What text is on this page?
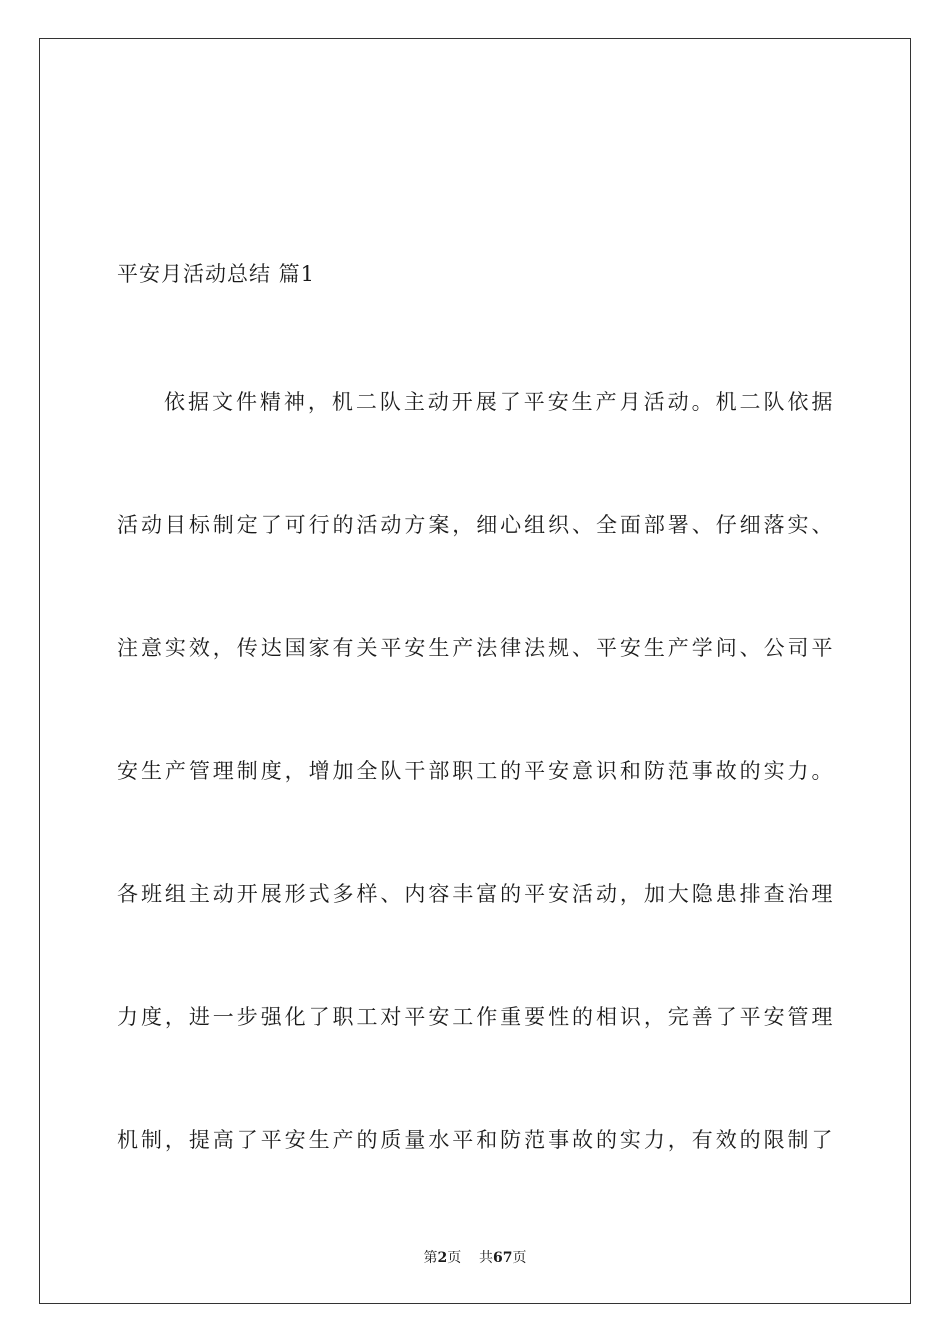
平安月活动总结 篇1
依据文件精神，机二队主动开展了平安生产月活动。机二队依据
活动目标制定了可行的活动方案，细心组织、全面部署、仔细落实、
注意实效，传达国家有关平安生产法律法规、平安生产学问、公司平
安生产管理制度，增加全队干部职工的平安意识和防范事故的实力。
各班组主动开展形式多样、内容丰富的平安活动，加大隐患排查治理
力度，进一步强化了职工对平安工作重要性的相识，完善了平安管理
机制，提高了平安生产的质量水平和防范事故的实力，有效的限制了
第2页 共67页
